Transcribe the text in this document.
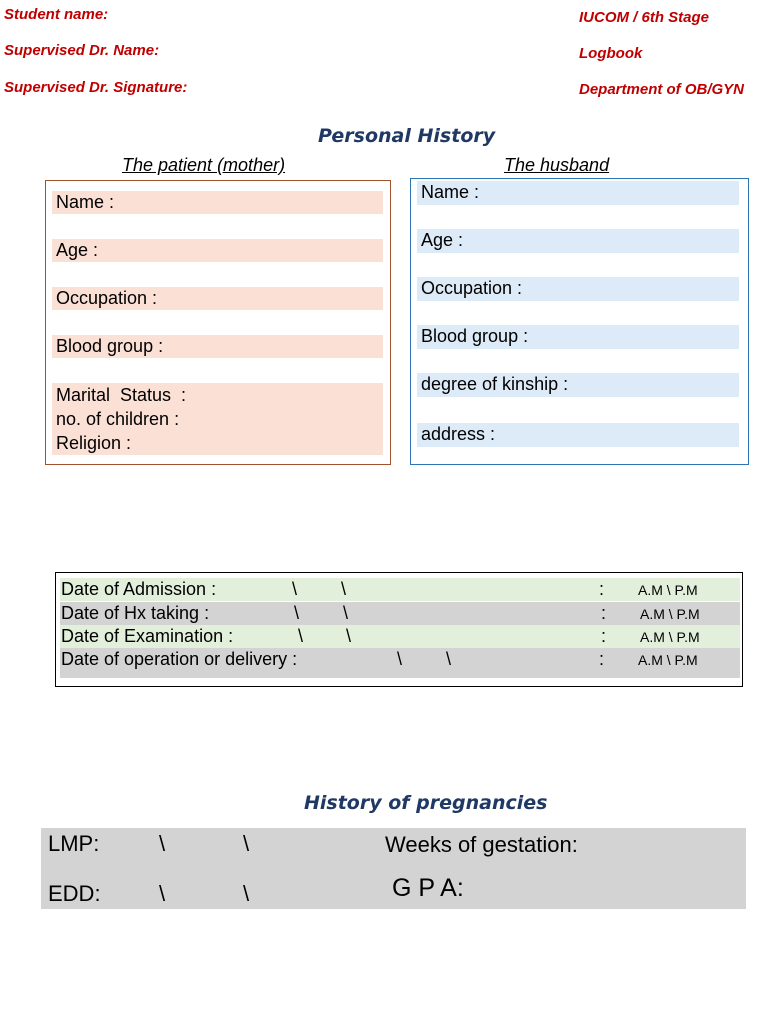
Student name:
Supervised Dr. Name:
Supervised Dr. Signature:
IUCOM / 6th Stage
Logbook
Department of OB/GYN
Personal History
The patient (mother)	The husband
Name :
Age :
Occupation :
Blood group :
Marital  Status  :
no. of children :
Religion :
Name :
Age :
Occupation :
Blood group :
degree of kinship :
address :
Date of Admission :	\ \	: A.M \ P.M
Date of Hx taking :	\ \	: A.M \ P.M
Date of Examination :	\ \	: A.M \ P.M
Date of operation or delivery :	\ \	: A.M \ P.M
History of pregnancies
LMP:	\	\	Weeks of gestation:
EDD:	\	\	G P A:
